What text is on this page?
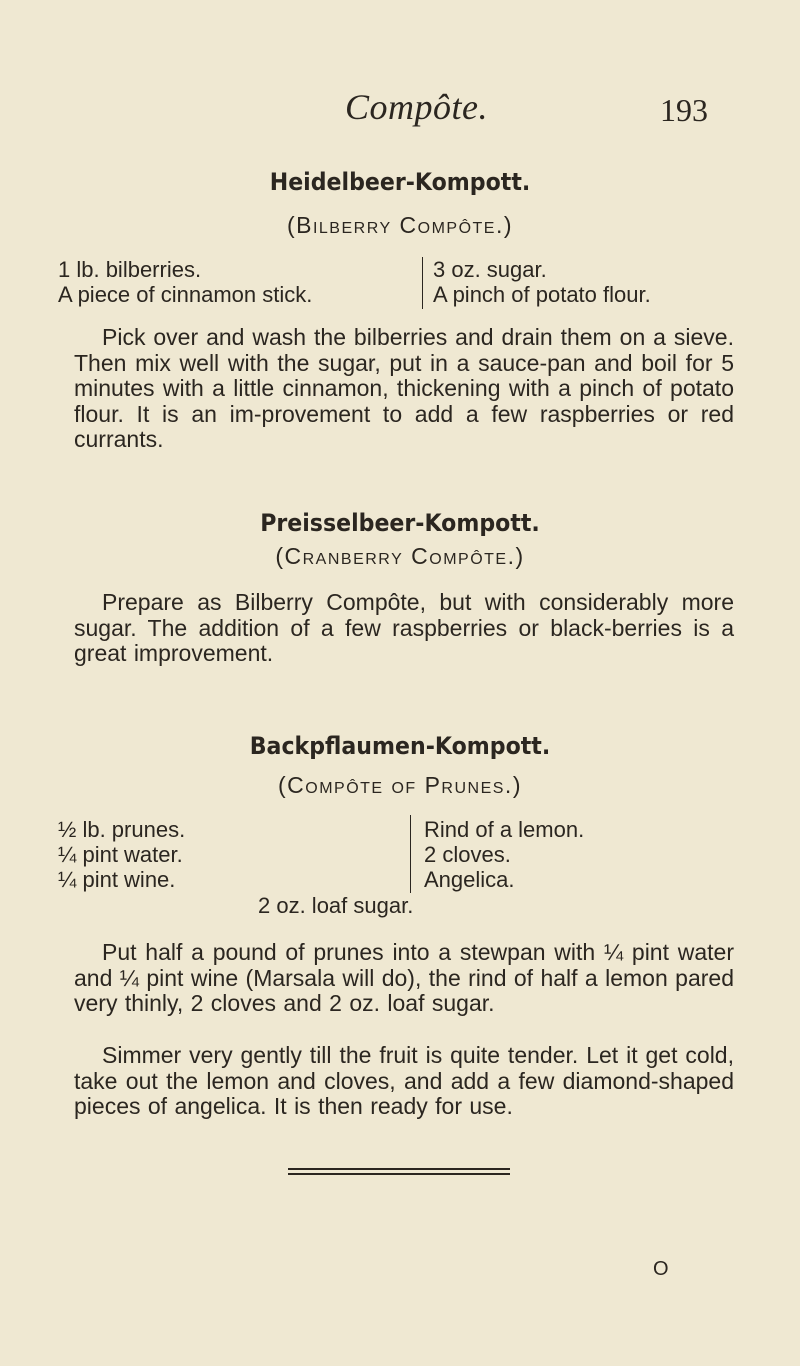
Compôte.	193
Heidelbeer-Kompott.
(Bilberry Compôte.)
1 lb. bilberries.
A piece of cinnamon stick.
3 oz. sugar.
A pinch of potato flour.
Pick over and wash the bilberries and drain them on a sieve. Then mix well with the sugar, put in a sauce-pan and boil for 5 minutes with a little cinnamon, thickening with a pinch of potato flour. It is an im-provement to add a few raspberries or red currants.
Preisselbeer-Kompott.
(Cranberry Compôte.)
Prepare as Bilberry Compôte, but with considerably more sugar. The addition of a few raspberries or black-berries is a great improvement.
Backpflaumen-Kompott.
(Compôte of Prunes.)
½ lb. prunes.
¼ pint water.
¼ pint wine.
Rind of a lemon.
2 cloves.
Angelica.
2 oz. loaf sugar.
Put half a pound of prunes into a stewpan with ¼ pint water and ¼ pint wine (Marsala will do), the rind of half a lemon pared very thinly, 2 cloves and 2 oz. loaf sugar.
Simmer very gently till the fruit is quite tender. Let it get cold, take out the lemon and cloves, and add a few diamond-shaped pieces of angelica. It is then ready for use.
O
